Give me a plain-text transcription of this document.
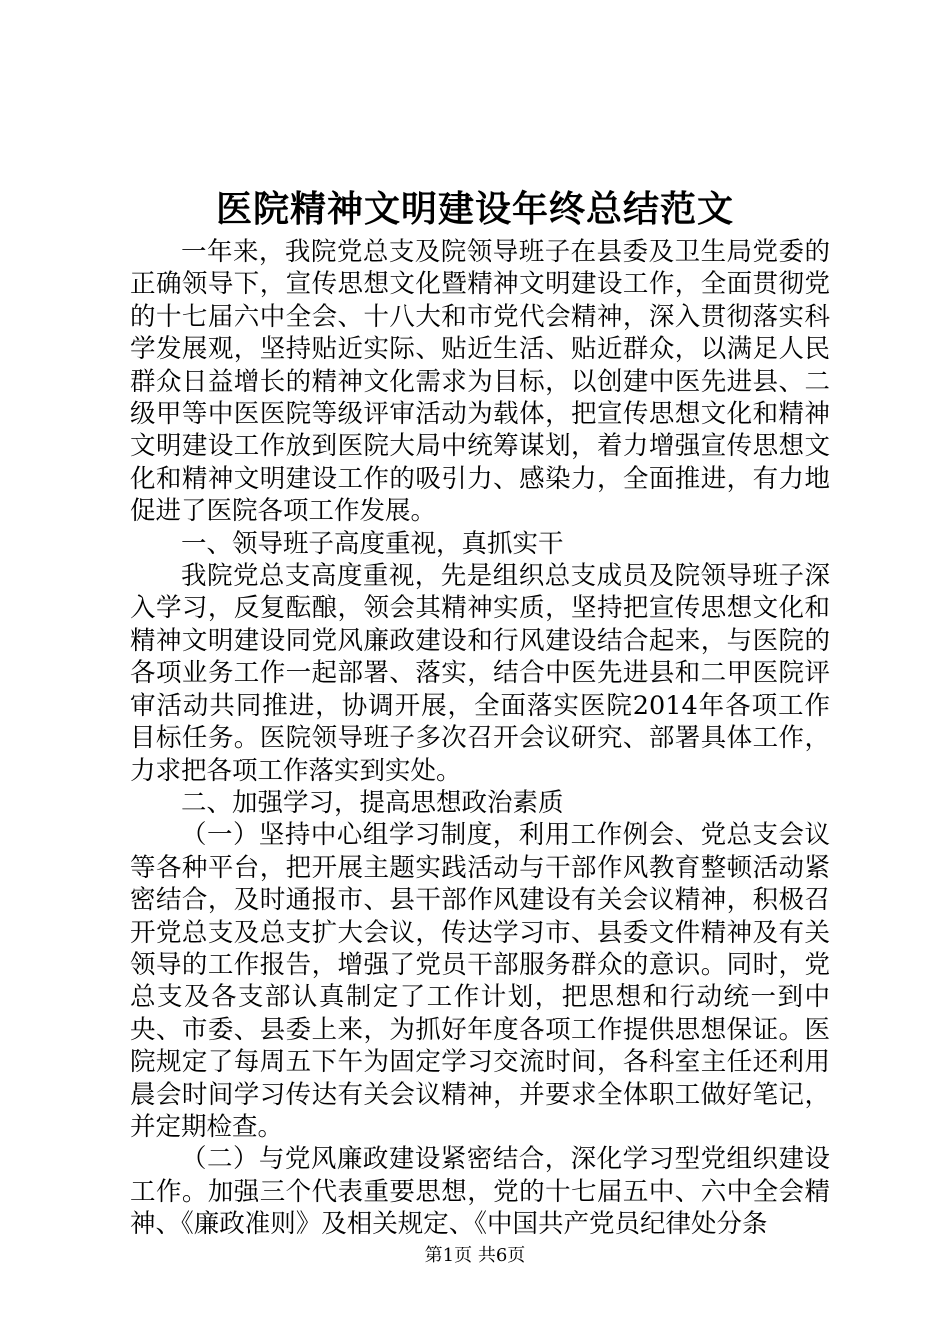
医院精神文明建设年终总结范文

一年来，我院党总支及院领导班子在县委及卫生局党委的正确领导下，宣传思想文化暨精神文明建设工作，全面贯彻党的十七届六中全会、十八大和市党代会精神，深入贯彻落实科学发展观，坚持贴近实际、贴近生活、贴近群众，以满足人民群众日益增长的精神文化需求为目标，以创建中医先进县、二级甲等中医医院等级评审活动为载体，把宣传思想文化和精神文明建设工作放到医院大局中统筹谋划，着力增强宣传思想文化和精神文明建设工作的吸引力、感染力，全面推进，有力地促进了医院各项工作发展。

一、领导班子高度重视，真抓实干

我院党总支高度重视，先是组织总支成员及院领导班子深入学习，反复酝酿，领会其精神实质，坚持把宣传思想文化和精神文明建设同党风廉政建设和行风建设结合起来，与医院的各项业务工作一起部署、落实，结合中医先进县和二甲医院评审活动共同推进，协调开展，全面落实医院2014年各项工作目标任务。医院领导班子多次召开会议研究、部署具体工作，力求把各项工作落实到实处。

二、加强学习，提高思想政治素质

（一）坚持中心组学习制度，利用工作例会、党总支会议等各种平台，把开展主题实践活动与干部作风教育整顿活动紧密结合，及时通报市、县干部作风建设有关会议精神，积极召开党总支及总支扩大会议，传达学习市、县委文件精神及有关领导的工作报告，增强了党员干部服务群众的意识。同时，党总支及各支部认真制定了工作计划，把思想和行动统一到中央、市委、县委上来，为抓好年度各项工作提供思想保证。医院规定了每周五下午为固定学习交流时间，各科室主任还利用晨会时间学习传达有关会议精神，并要求全体职工做好笔记，并定期检查。

（二）与党风廉政建设紧密结合，深化学习型党组织建设工作。加强三个代表重要思想，党的十七届五中、六中全会精神、《廉政准则》及相关规定、《中国共产党员纪律处分条

第1页 共6页
